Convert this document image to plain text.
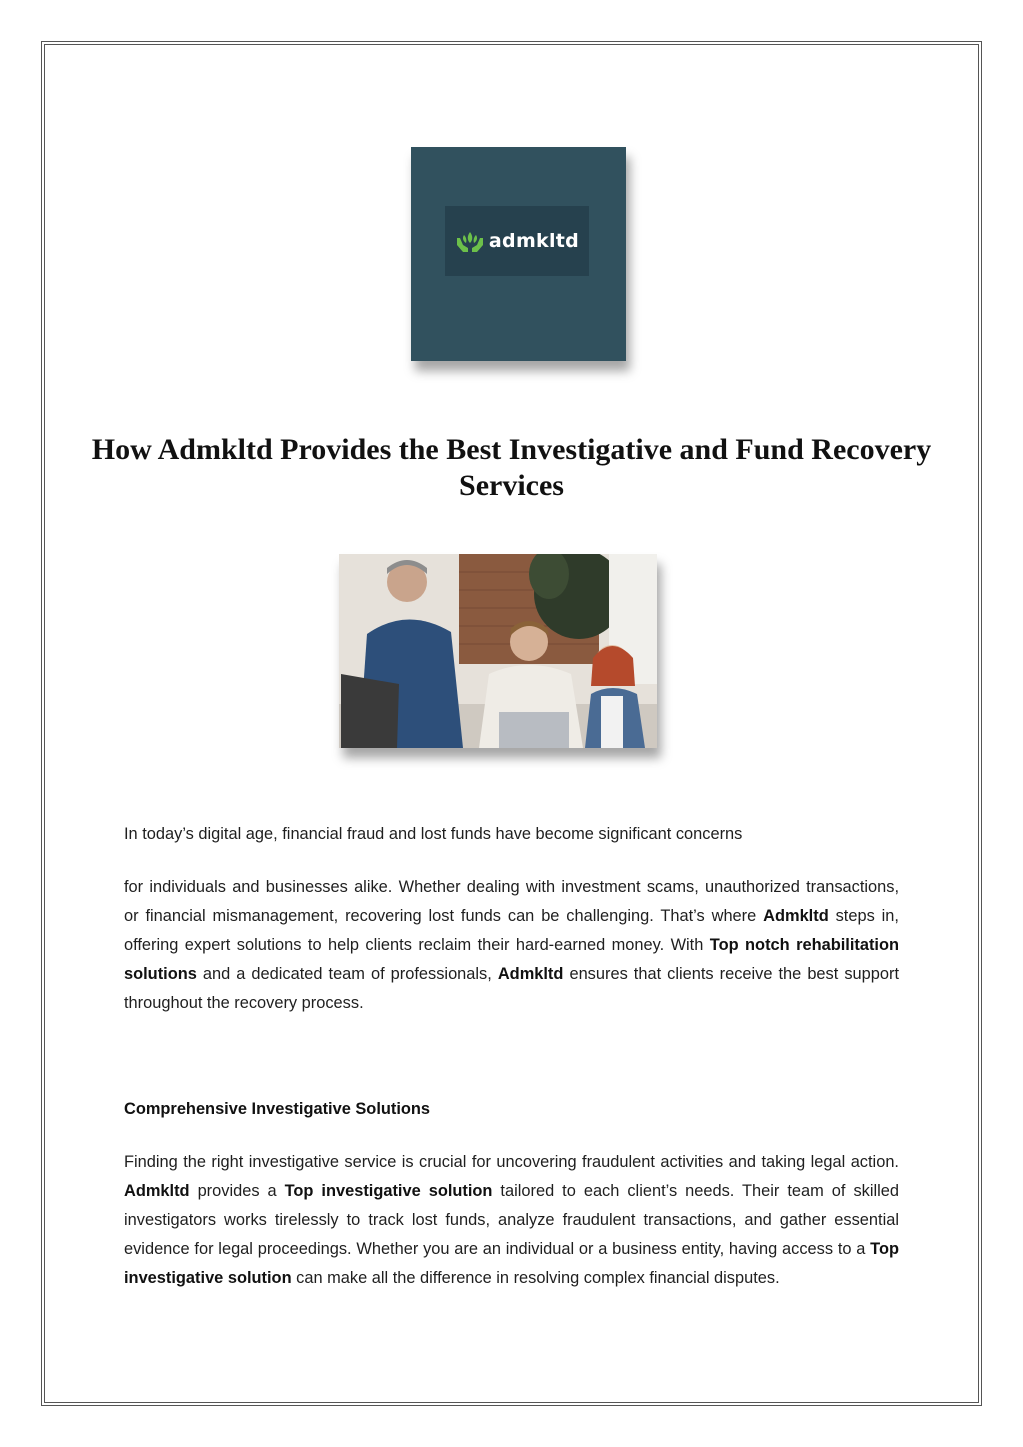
admkltd
How Admkltd Provides the Best Investigative and Fund Recovery Services

In today’s digital age, financial fraud and lost funds have become significant concerns

for individuals and businesses alike. Whether dealing with investment scams, unauthorized transactions, or financial mismanagement, recovering lost funds can be challenging. That’s where Admkltd steps in, offering expert solutions to help clients reclaim their hard-earned money. With Top notch rehabilitation solutions and a dedicated team of professionals, Admkltd ensures that clients receive the best support throughout the recovery process.

Comprehensive Investigative Solutions

Finding the right investigative service is crucial for uncovering fraudulent activities and taking legal action. Admkltd provides a Top investigative solution tailored to each client’s needs. Their team of skilled investigators works tirelessly to track lost funds, analyze fraudulent transactions, and gather essential evidence for legal proceedings. Whether you are an individual or a business entity, having access to a Top investigative solution can make all the difference in resolving complex financial disputes.
